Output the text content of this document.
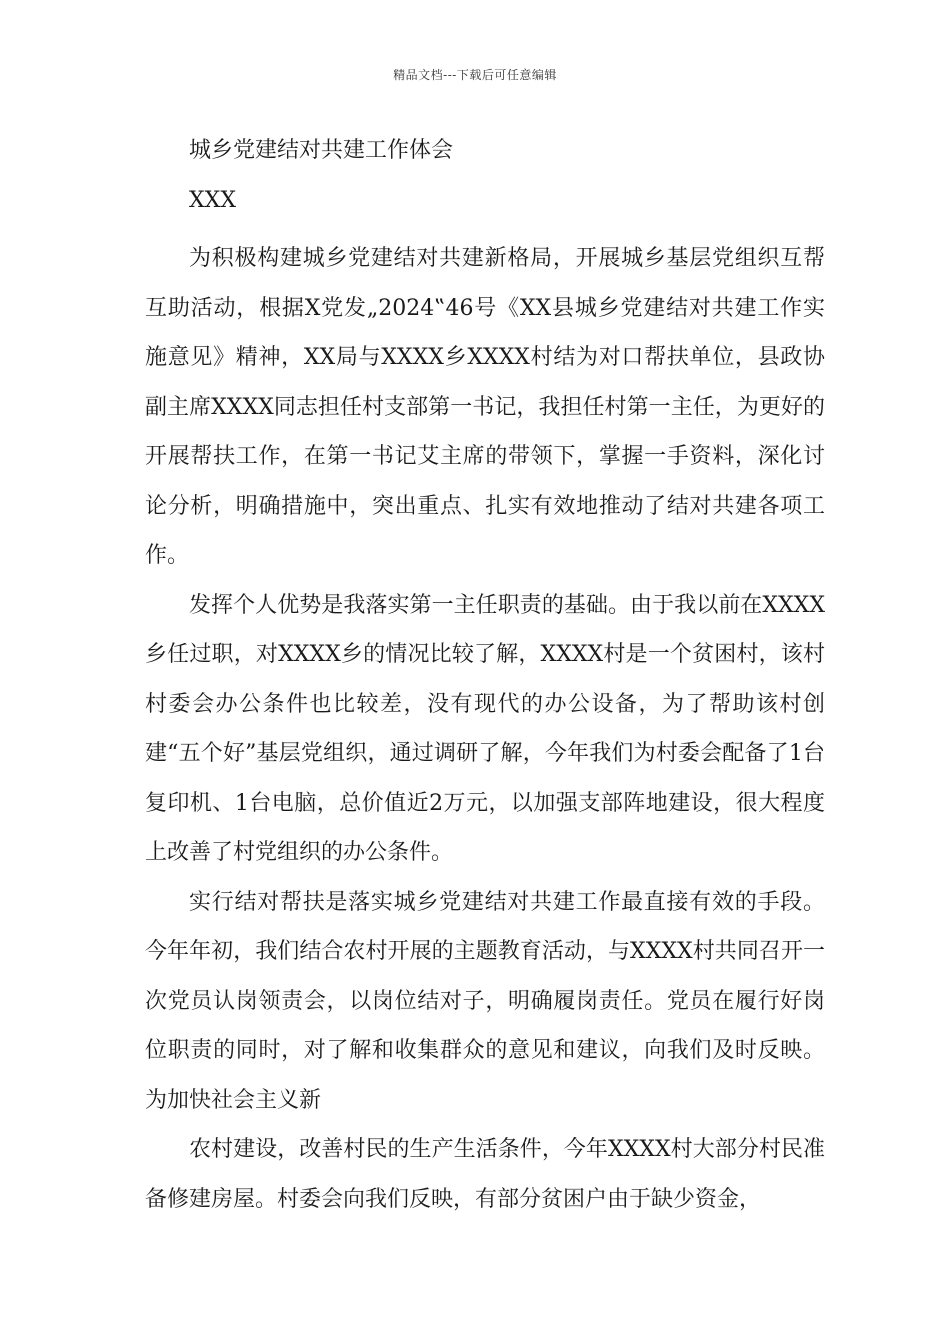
精品文档---下载后可任意编辑

城乡党建结对共建工作体会

XXX

为积极构建城乡党建结对共建新格局，开展城乡基层党组织互帮互助活动，根据X党发„2024‟46号《XX县城乡党建结对共建工作实施意见》精神，XX局与XXXX乡XXXX村结为对口帮扶单位，县政协副主席XXXX同志担任村支部第一书记，我担任村第一主任，为更好的开展帮扶工作，在第一书记艾主席的带领下，掌握一手资料，深化讨论分析，明确措施中，突出重点、扎实有效地推动了结对共建各项工作。

发挥个人优势是我落实第一主任职责的基础。由于我以前在XXXX乡任过职，对XXXX乡的情况比较了解，XXXX村是一个贫困村，该村村委会办公条件也比较差，没有现代的办公设备，为了帮助该村创建“五个好”基层党组织，通过调研了解，今年我们为村委会配备了1台复印机、1台电脑，总价值近2万元，以加强支部阵地建设，很大程度上改善了村党组织的办公条件。

实行结对帮扶是落实城乡党建结对共建工作最直接有效的手段。今年年初，我们结合农村开展的主题教育活动，与XXXX村共同召开一次党员认岗领责会，以岗位结对子，明确履岗责任。党员在履行好岗位职责的同时，对了解和收集群众的意见和建议，向我们及时反映。为加快社会主义新

农村建设，改善村民的生产生活条件，今年XXXX村大部分村民准备修建房屋。村委会向我们反映，有部分贫困户由于缺少资金，
